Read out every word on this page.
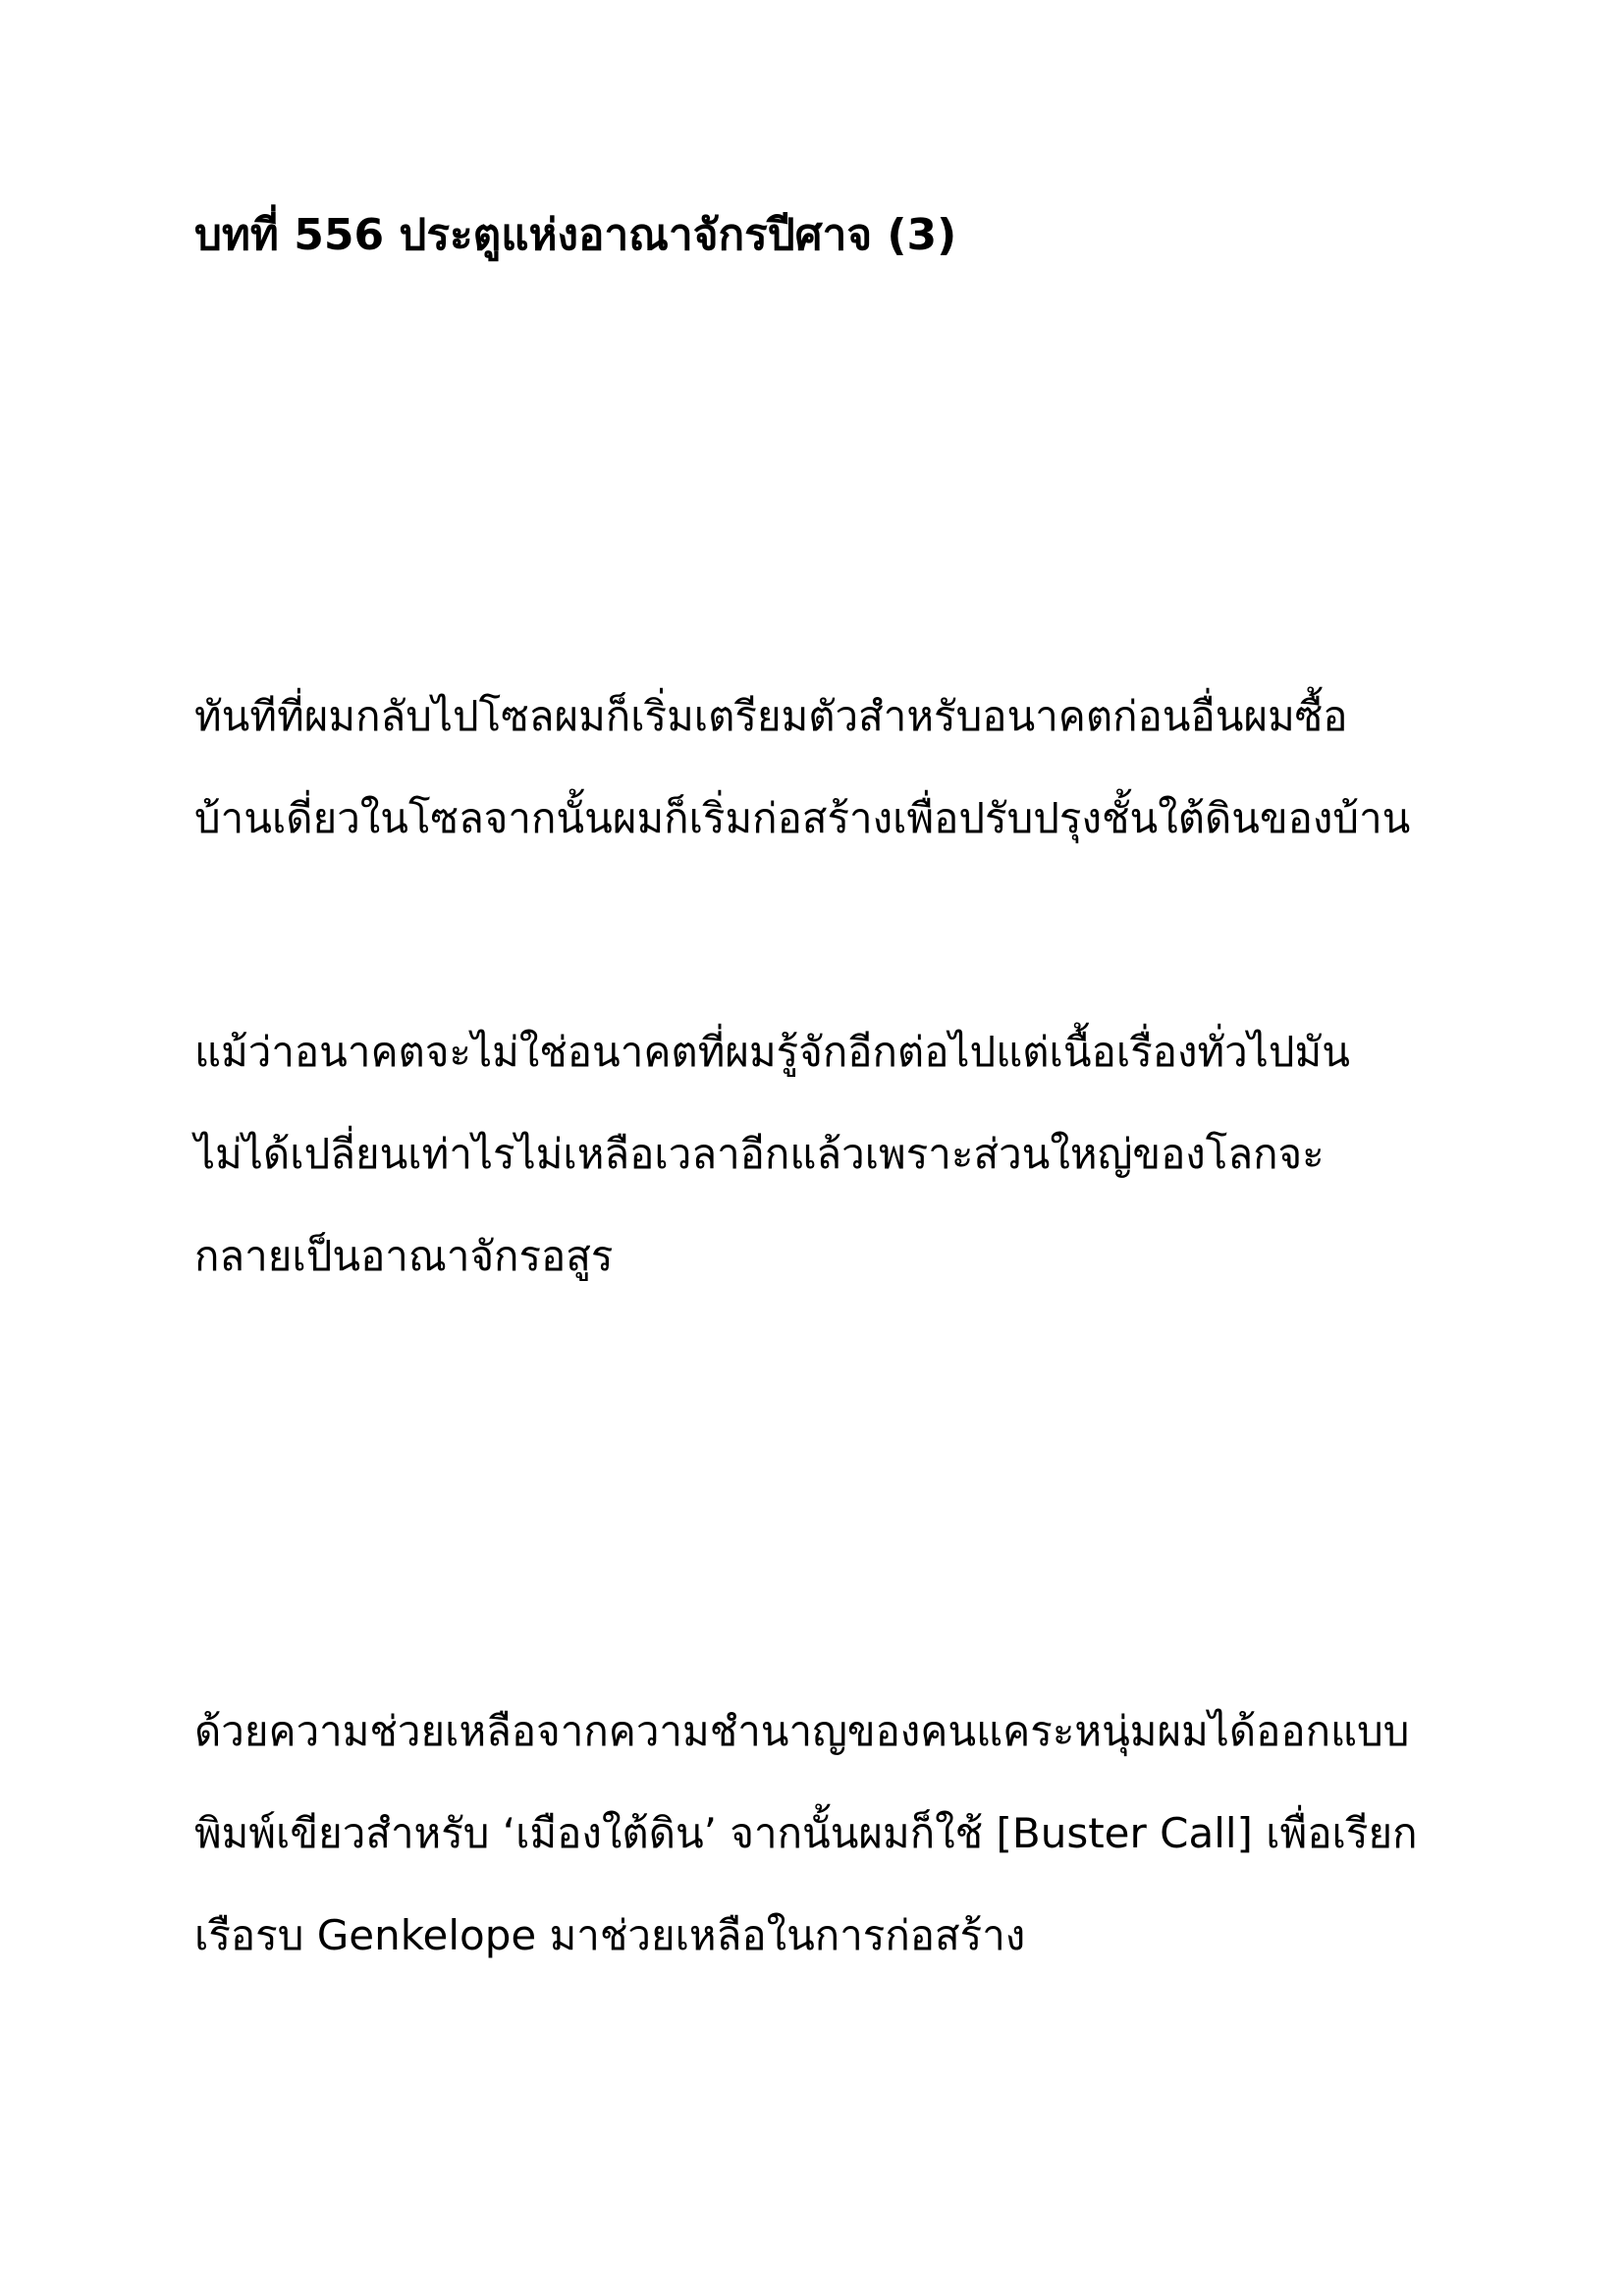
บทที่ 556 ประตูแห่งอาณาจักรปีศาจ (3)
ทันทีที่ผมกลับไปโซลผมก็เริ่มเตรียมตัวสำหรับอนาคตก่อนอื่นผมซื้อ
บ้านเดี่ยวในโซลจากนั้นผมก็เริ่มก่อสร้างเพื่อปรับปรุงชั้นใต้ดินของบ้าน
แม้ว่าอนาคตจะไม่ใช่อนาคตที่ผมรู้จักอีกต่อไปแต่เนื้อเรื่องทั่วไปมัน
ไม่ได้เปลี่ยนเท่าไรไม่เหลือเวลาอีกแล้วเพราะส่วนใหญ่ของโลกจะ
กลายเป็นอาณาจักรอสูร
ด้วยความช่วยเหลือจากความชำนาญของคนแคระหนุ่มผมได้ออกแบบ
พิมพ์เขียวสำหรับ ‘เมืองใต้ดิน’ จากนั้นผมก็ใช้ [Buster Call] เพื่อเรียก
เรือรบ Genkelope มาช่วยเหลือในการก่อสร้าง
